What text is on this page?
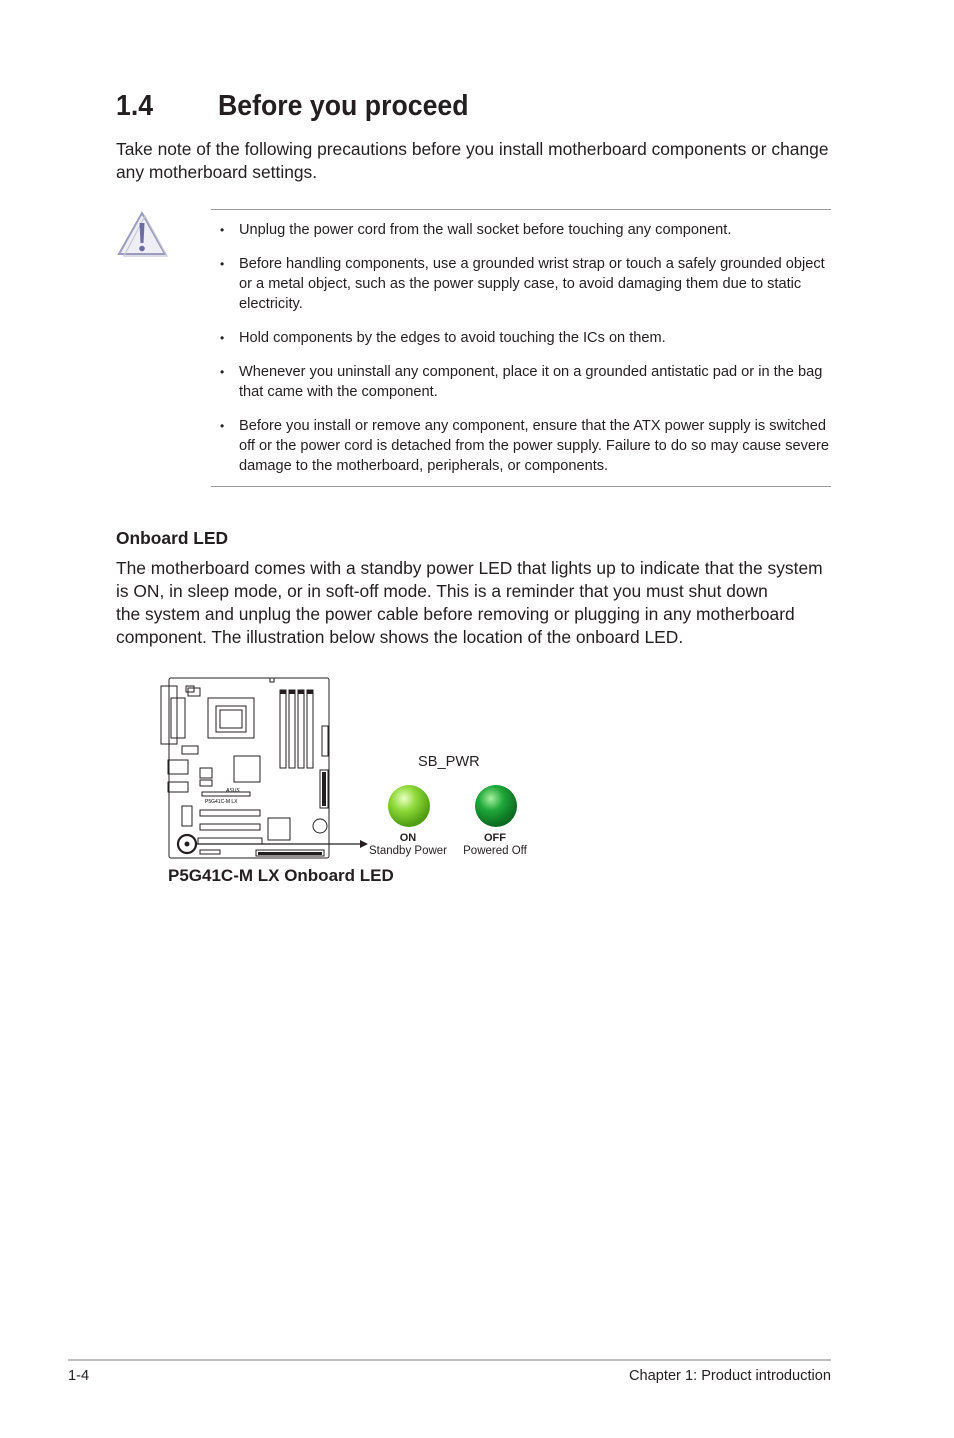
1.4 Before you proceed
Take note of the following precautions before you install motherboard components or change any motherboard settings.
• Unplug the power cord from the wall socket before touching any component.
• Before handling components, use a grounded wrist strap or touch a safely grounded object or a metal object, such as the power supply case, to avoid damaging them due to static electricity.
• Hold components by the edges to avoid touching the ICs on them.
• Whenever you uninstall any component, place it on a grounded antistatic pad or in the bag that came with the component.
• Before you install or remove any component, ensure that the ATX power supply is switched off or the power cord is detached from the power supply. Failure to do so may cause severe damage to the motherboard, peripherals, or components.
Onboard LED
The motherboard comes with a standby power LED that lights up to indicate that the system
is ON, in sleep mode, or in soft-off mode. This is a reminder that you must shut down
the system and unplug the power cable before removing or plugging in any motherboard
component. The illustration below shows the location of the onboard LED.
ASUS
P5G41C-M LX
SB_PWR
ON
Standby Power
OFF
Powered Off
P5G41C-M LX Onboard LED
1-4	Chapter 1: Product introduction
